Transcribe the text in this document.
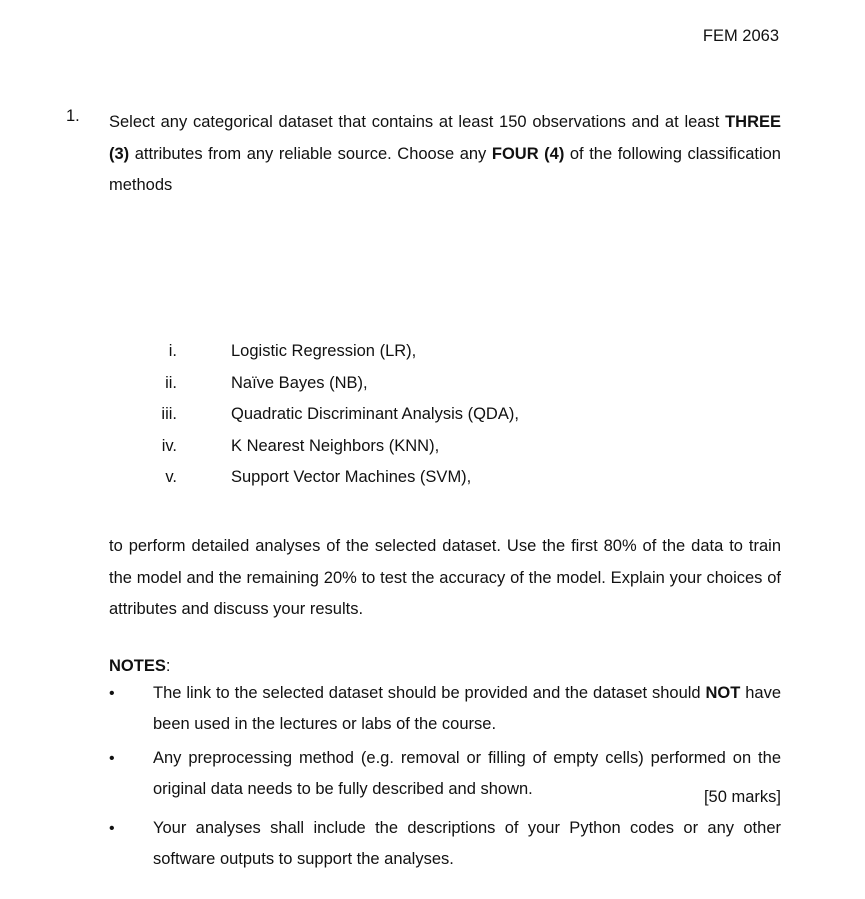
FEM 2063
1. Select any categorical dataset that contains at least 150 observations and at least THREE (3) attributes from any reliable source. Choose any FOUR (4) of the following classification methods

i.	Logistic Regression (LR),
ii.	Naïve Bayes (NB),
iii.	Quadratic Discriminant Analysis (QDA),
iv.	K Nearest Neighbors (KNN),
v.	Support Vector Machines (SVM),

to perform detailed analyses of the selected dataset. Use the first 80% of the data to train the model and the remaining 20% to test the accuracy of the model. Explain your choices of attributes and discuss your results.

NOTES:

•	The link to the selected dataset should be provided and the dataset should NOT have been used in the lectures or labs of the course.
•	Any preprocessing method (e.g. removal or filling of empty cells) performed on the original data needs to be fully described and shown.
•	Your analyses shall include the descriptions of your Python codes or any other software outputs to support the analyses.
[50 marks]
